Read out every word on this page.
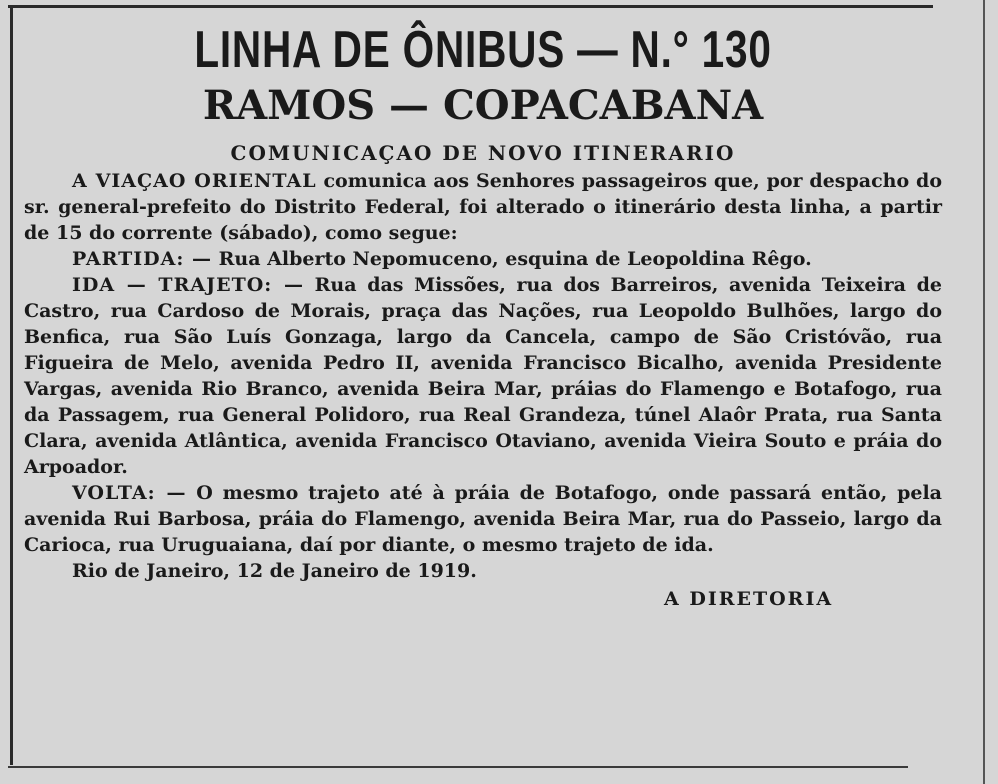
LINHA DE ÔNIBUS — N.° 130
RAMOS — COPACABANA
COMUNICAÇAO DE NOVO ITINERARIO

A VIAÇAO ORIENTAL comunica aos Senhores passageiros que, por despacho do sr. general-prefeito do Distrito Federal, foi alterado o itinerário desta linha, a partir de 15 do corrente (sábado), como segue:

PARTIDA: — Rua Alberto Nepomuceno, esquina de Leopoldina Rêgo.

IDA — TRAJETO: — Rua das Missões, rua dos Barreiros, avenida Teixeira de Castro, rua Cardoso de Morais, praça das Nações, rua Leopoldo Bulhões, largo do Benfica, rua São Luís Gonzaga, largo da Cancela, campo de São Cristóvão, rua Figueira de Melo, avenida Pedro II, avenida Francisco Bicalho, avenida Presidente Vargas, avenida Rio Branco, avenida Beira Mar, práias do Flamengo e Botafogo, rua da Passagem, rua General Polidoro, rua Real Grandeza, túnel Alaôr Prata, rua Santa Clara, avenida Atlântica, avenida Francisco Otaviano, avenida Vieira Souto e práia do Arpoador.

VOLTA: — O mesmo trajeto até à práia de Botafogo, onde passará então, pela avenida Rui Barbosa, práia do Flamengo, avenida Beira Mar, rua do Passeio, largo da Carioca, rua Uruguaiana, daí por diante, o mesmo trajeto de ida.

Rio de Janeiro, 12 de Janeiro de 1919.

A DIRETORIA
